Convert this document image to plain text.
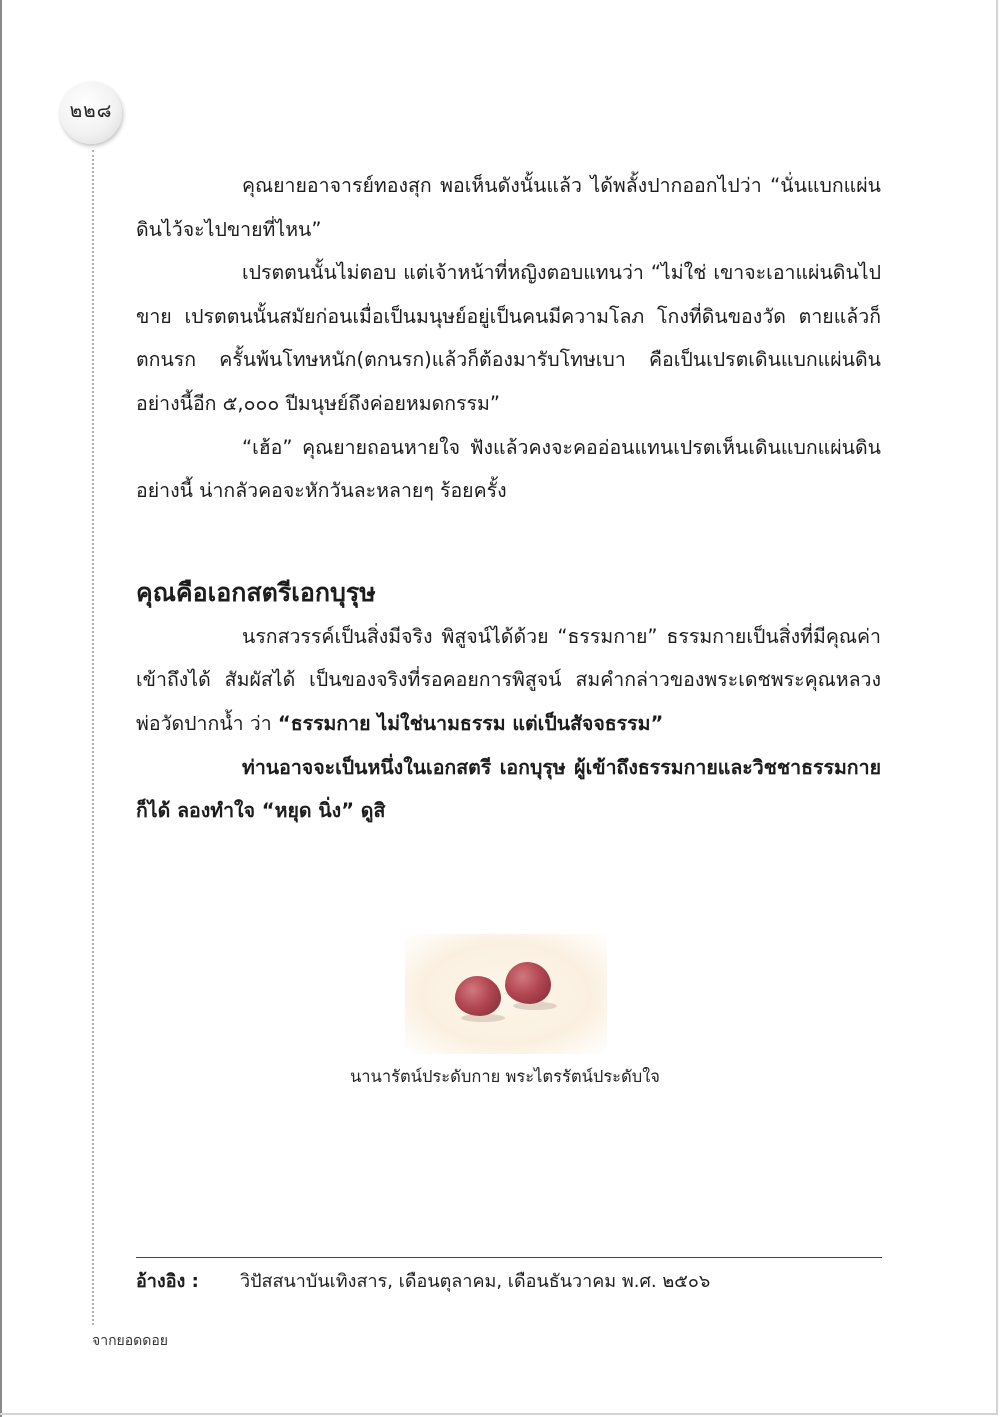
๒๒๘

คุณยายอาจารย์ทองสุก พอเห็นดังนั้นแล้ว ได้พลั้งปากออกไปว่า “นั่นแบกแผ่นดินไว้จะไปขายที่ไหน”

เปรตตนนั้นไม่ตอบ แต่เจ้าหน้าที่หญิงตอบแทนว่า “ไม่ใช่ เขาจะเอาแผ่นดินไปขาย เปรตตนนั้นสมัยก่อนเมื่อเป็นมนุษย์อยู่เป็นคนมีความโลภ โกงที่ดินของวัด ตายแล้วก็ตกนรก ครั้นพ้นโทษหนัก(ตกนรก)แล้วก็ต้องมารับโทษเบา คือเป็นเปรตเดินแบกแผ่นดินอย่างนี้อีก ๕,๐๐๐ ปีมนุษย์ถึงค่อยหมดกรรม”

“เฮ้อ” คุณยายถอนหายใจ ฟังแล้วคงจะคออ่อนแทนเปรตเห็นเดินแบกแผ่นดินอย่างนี้ น่ากลัวคอจะหักวันละหลายๆ ร้อยครั้ง

คุณคือเอกสตรีเอกบุรุษ

นรกสวรรค์เป็นสิ่งมีจริง พิสูจน์ได้ด้วย “ธรรมกาย” ธรรมกายเป็นสิ่งที่มีคุณค่า เข้าถึงได้ สัมผัสได้ เป็นของจริงที่รอคอยการพิสูจน์ สมคำกล่าวของพระเดชพระคุณหลวงพ่อวัดปากน้ำ ว่า “ธรรมกาย ไม่ใช่นามธรรม แต่เป็นสัจจธรรม”

ท่านอาจจะเป็นหนึ่งในเอกสตรี เอกบุรุษ ผู้เข้าถึงธรรมกายและวิชชาธรรมกายก็ได้ ลองทำใจ “หยุด นิ่ง” ดูสิ

นานารัตน์ประดับกาย พระไตรรัตน์ประดับใจ
อ้างอิง : วิปัสสนาบันเทิงสาร, เดือนตุลาคม, เดือนธันวาคม พ.ศ. ๒๕๐๖
จากยอดดอย
